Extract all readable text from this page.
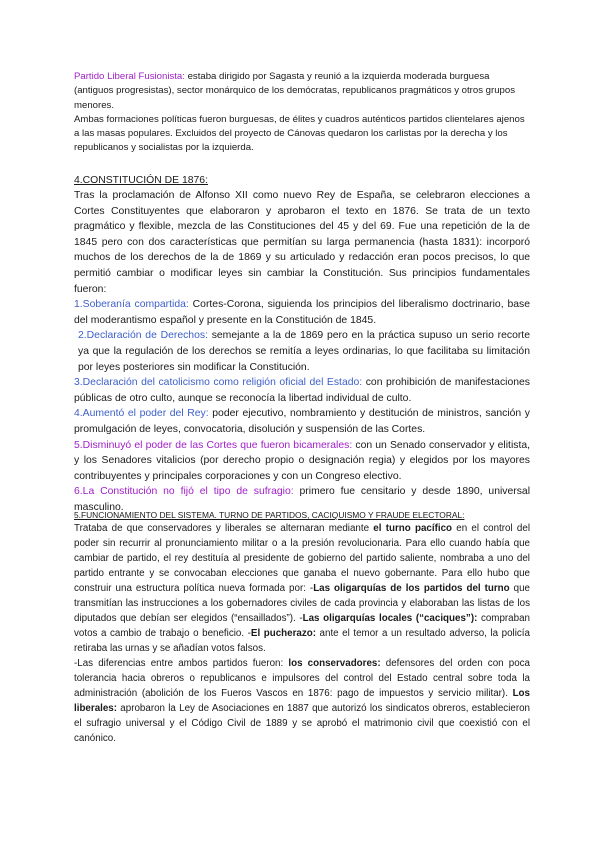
Partido Liberal Fusionista: estaba dirigido por Sagasta y reunió a la izquierda moderada burguesa (antiguos progresistas), sector monárquico de los demócratas, republicanos pragmáticos y otros grupos menores.

Ambas formaciones políticas fueron burguesas, de élites y cuadros auténticos partidos clientelares ajenos a las masas populares. Excluidos del proyecto de Cánovas quedaron los carlistas por la derecha y los republicanos y socialistas por la izquierda.

4.CONSTITUCIÓN DE 1876:

Tras la proclamación de Alfonso XII como nuevo Rey de España, se celebraron elecciones a Cortes Constituyentes que elaboraron y aprobaron el texto en 1876. Se trata de un texto pragmático y flexible, mezcla de las Constituciones del 45 y del 69. Fue una repetición de la de 1845 pero con dos características que permitían su larga permanencia (hasta 1831): incorporó muchos de los derechos de la de 1869 y su articulado y redacción eran pocos precisos, lo que permitió cambiar o modificar leyes sin cambiar la Constitución. Sus principios fundamentales fueron:

1.Soberanía compartida: Cortes-Corona, siguienda los principios del liberalismo doctrinario, base del moderantismo español y presente en la Constitución de 1845.

2.Declaración de Derechos: semejante a la de 1869 pero en la práctica supuso un serio recorte ya que la regulación de los derechos se remitía a leyes ordinarias, lo que facilitaba su limitación por leyes posteriores sin modificar la Constitución.

3.Declaración del catolicismo como religión oficial del Estado: con prohibición de manifestaciones públicas de otro culto, aunque se reconocía la libertad individual de culto.

4.Aumentó el poder del Rey: poder ejecutivo, nombramiento y destitución de ministros, sanción y promulgación de leyes, convocatoria, disolución y suspensión de las Cortes.

5.Disminuyó el poder de las Cortes que fueron bicamerales: con un Senado conservador y elitista, y los Senadores vitalicios (por derecho propio o designación regia) y elegidos por los mayores contribuyentes y principales corporaciones y con un Congreso electivo.

6.La Constitución no fijó el tipo de sufragio: primero fue censitario y desde 1890, universal masculino.

5.FUNCIONAMIENTO DEL SISTEMA. TURNO DE PARTIDOS, CACIQUISMO Y FRAUDE ELECTORAL:

Trataba de que conservadores y liberales se alternaran mediante el turno pacífico en el control del poder sin recurrir al pronunciamiento militar o a la presión revolucionaria. Para ello cuando había que cambiar de partido, el rey destituía al presidente de gobierno del partido saliente, nombraba a uno del partido entrante y se convocaban elecciones que ganaba el nuevo gobernante. Para ello hubo que construir una estructura política nueva formada por: -Las oligarquías de los partidos del turno que transmitían las instrucciones a los gobernadores civiles de cada provincia y elaboraban las listas de los diputados que debían ser elegidos (“ensaillados”). -Las oligarquías locales (“caciques”): compraban votos a cambio de trabajo o beneficio. -El pucherazo: ante el temor a un resultado adverso, la policía retiraba las urnas y se añadían votos falsos.

-Las diferencias entre ambos partidos fueron: los conservadores: defensores del orden con poca tolerancia hacia obreros o republicanos e impulsores del control del Estado central sobre toda la administración (abolición de los Fueros Vascos en 1876: pago de impuestos y servicio militar). Los liberales: aprobaron la Ley de Asociaciones en 1887 que autorizó los sindicatos obreros, establecieron el sufragio universal y el Código Civil de 1889 y se aprobó el matrimonio civil que coexistió con el canónico.
